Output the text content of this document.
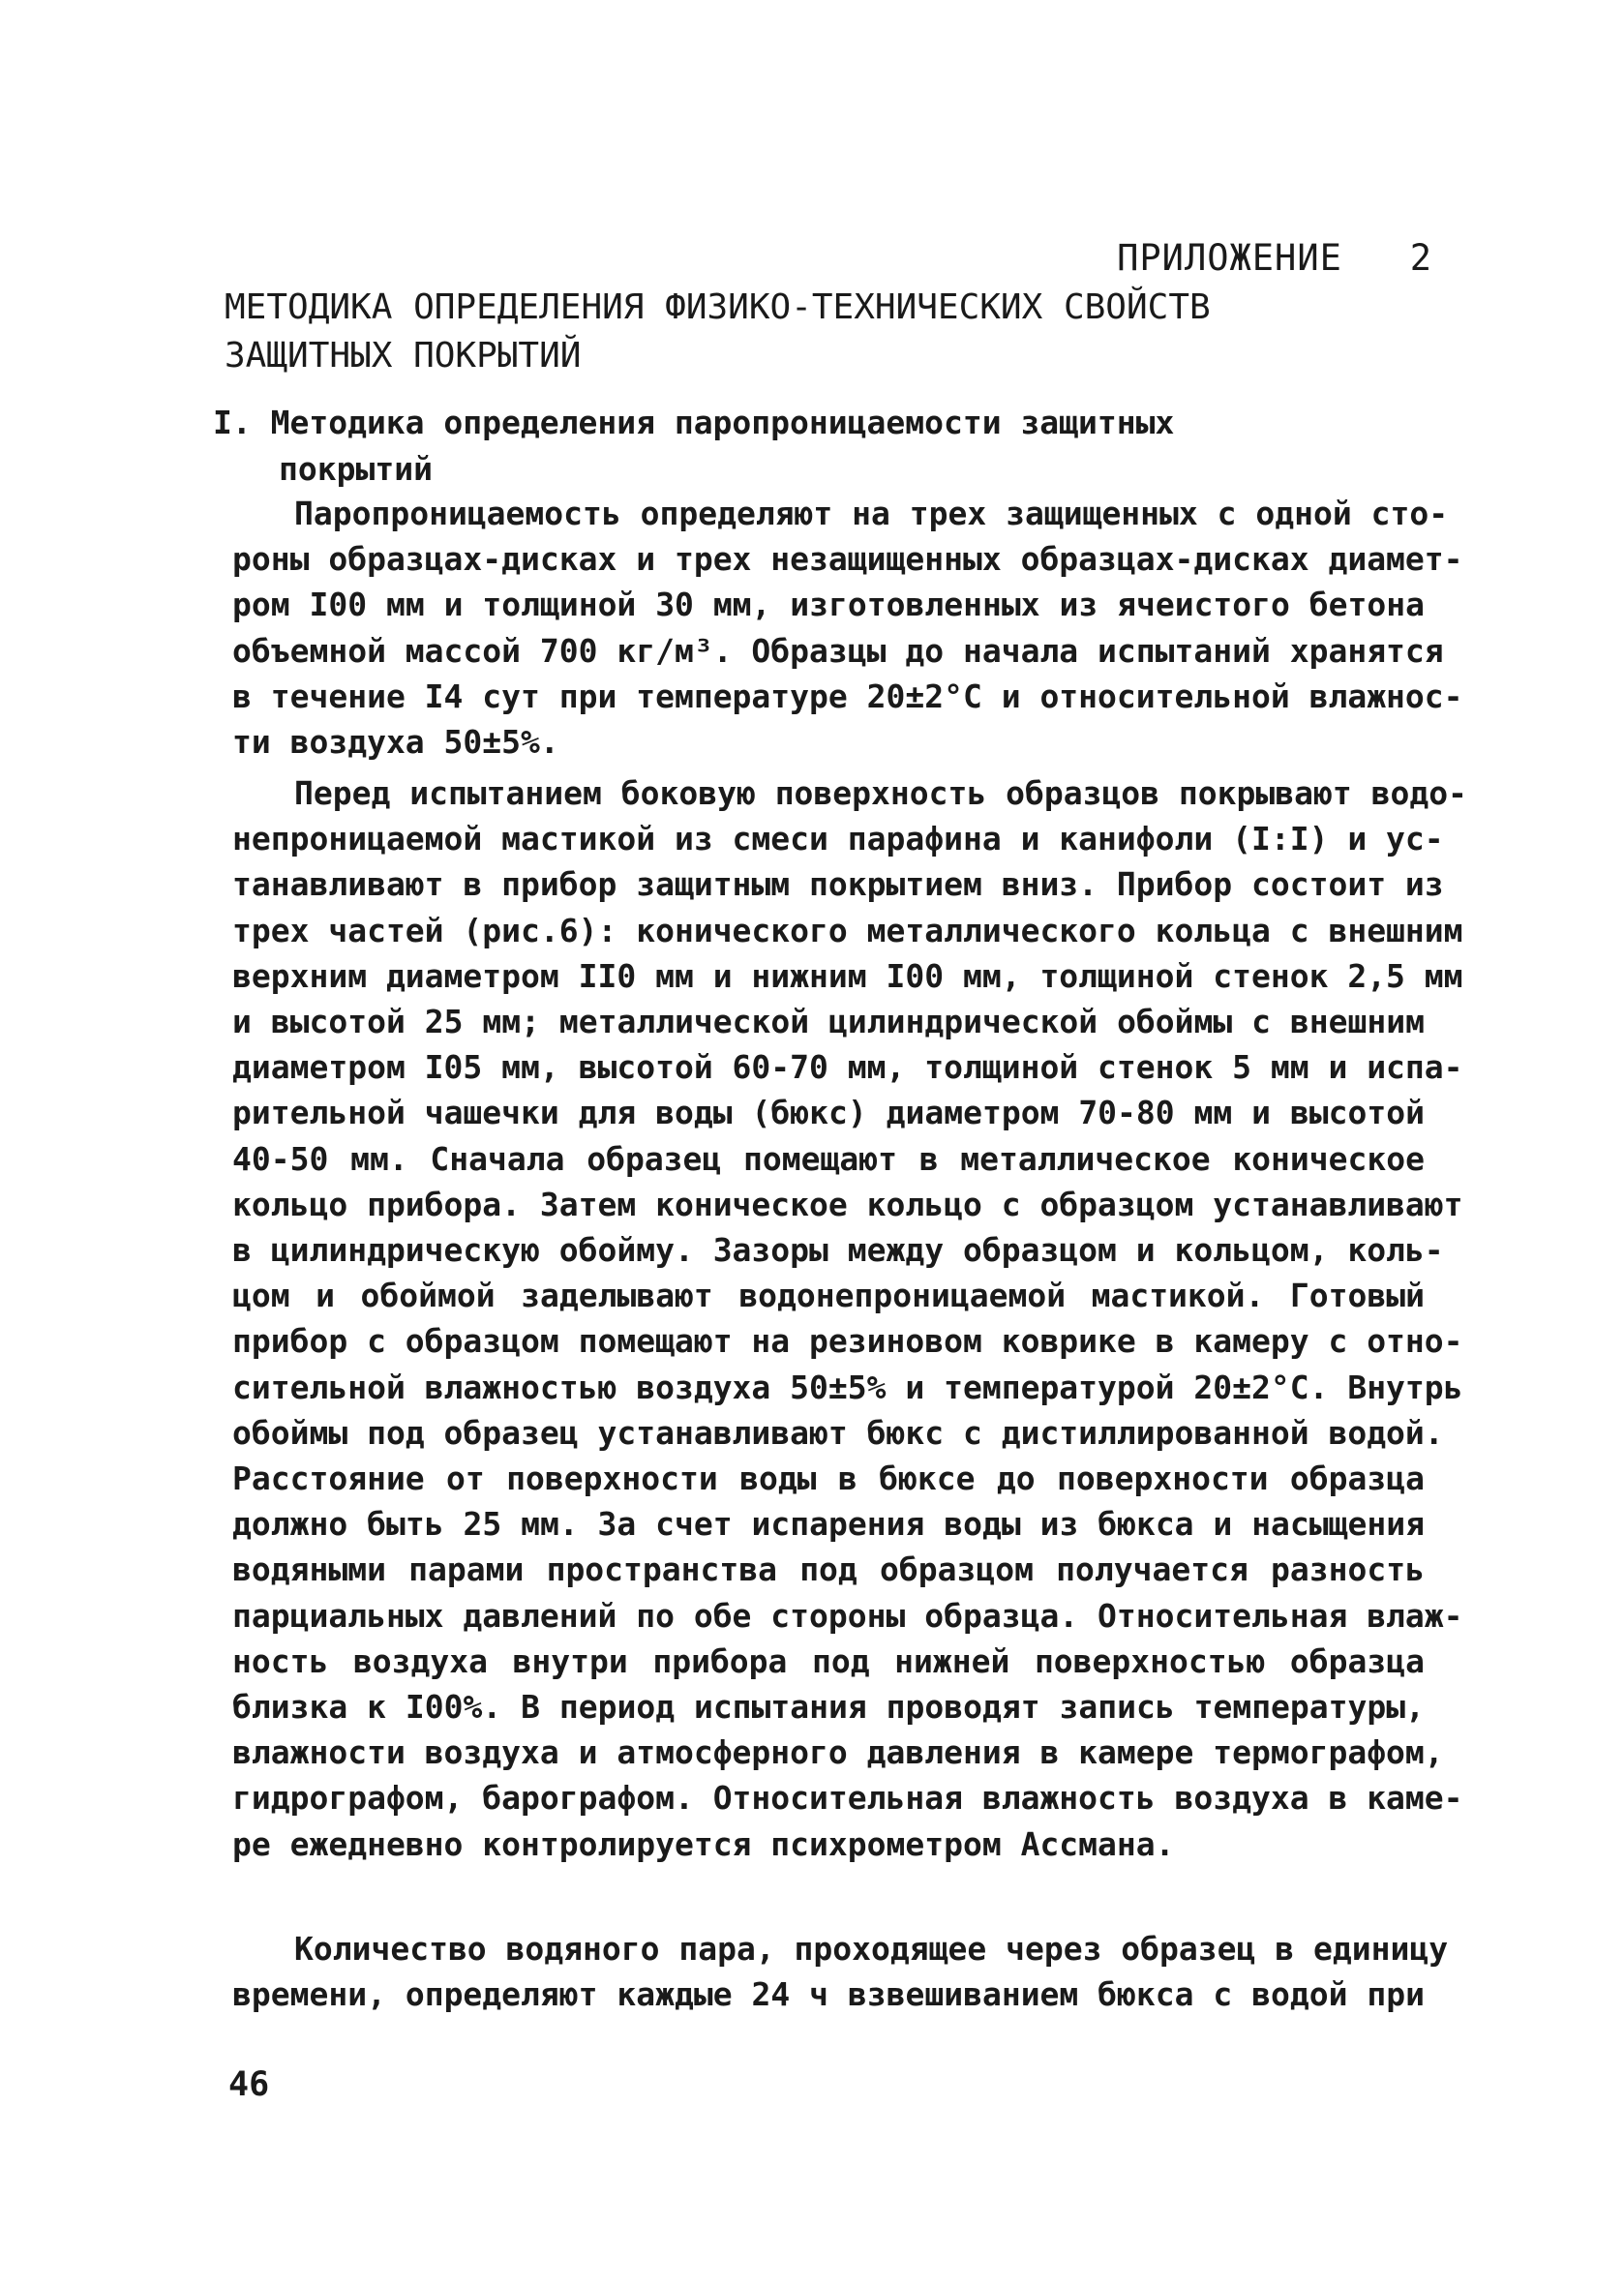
ПРИЛОЖЕНИЕ   2
МЕТОДИКА ОПРЕДЕЛЕНИЯ ФИЗИКО-ТЕХНИЧЕСКИХ СВОЙСТВ
ЗАЩИТНЫХ ПОКРЫТИЙ
I. Методика определения паропроницаемости защитных
покрытий
Паропроницаемость определяют на трех защищенных с одной сто-
роны образцах-дисках и трех незащищенных образцах-дисках диамет-
ром I00 мм и толщиной 30 мм, изготовленных из ячеистого бетона
объемной массой 700 кг/м³. Образцы до начала испытаний хранятся
в течение I4 сут при температуре 20±2°С и относительной влажнос-
ти воздуха 50±5%.
Перед испытанием боковую поверхность образцов покрывают водо-
непроницаемой мастикой из смеси парафина и канифоли (I:I) и ус-
танавливают в прибор защитным покрытием вниз. Прибор состоит из
трех частей (рис.6): конического металлического кольца с внешним
верхним диаметром II0 мм и нижним I00 мм, толщиной стенок 2,5 мм
и высотой 25 мм; металлической цилиндрической обоймы с внешним
диаметром I05 мм, высотой 60-70 мм, толщиной стенок 5 мм и испа-
рительной чашечки для воды (бюкс) диаметром 70-80 мм и высотой
40-50 мм. Сначала образец помещают в металлическое коническое
кольцо прибора. Затем коническое кольцо с образцом устанавливают
в цилиндрическую обойму. Зазоры между образцом и кольцом, коль-
цом и обоймой заделывают водонепроницаемой мастикой. Готовый
прибор с образцом помещают на резиновом коврике в камеру с отно-
сительной влажностью воздуха 50±5% и температурой 20±2°С. Внутрь
обоймы под образец устанавливают бюкс с дистиллированной водой.
Расстояние от поверхности воды в бюксе до поверхности образца
должно быть 25 мм. За счет испарения воды из бюкса и насыщения
водяными парами пространства под образцом получается разность
парциальных давлений по обе стороны образца. Относительная влаж-
ность воздуха внутри прибора под нижней поверхностью образца
близка к I00%. В период испытания проводят запись температуры,
влажности воздуха и атмосферного давления в камере термографом,
гидрографом, барографом. Относительная влажность воздуха в каме-
ре ежедневно контролируется психрометром Ассмана.
Количество водяного пара, проходящее через образец в единицу
времени, определяют каждые 24 ч взвешиванием бюкса с водой при
46
